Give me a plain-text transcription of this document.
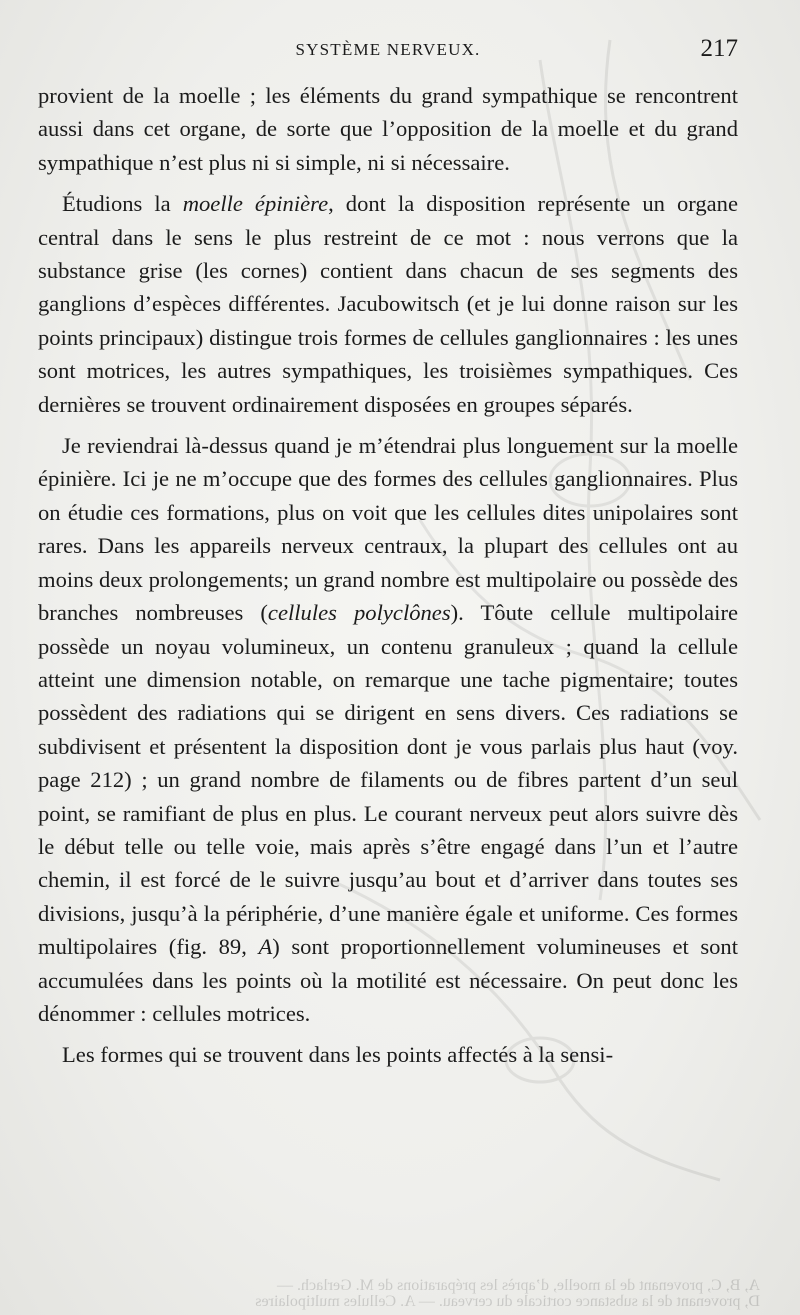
SYSTÈME NERVEUX.	217

provient de la moelle ; les éléments du grand sympathique se rencontrent aussi dans cet organe, de sorte que l’opposition de la moelle et du grand sympathique n’est plus ni si simple, ni si nécessaire.

Étudions la moelle épinière, dont la disposition représente un organe central dans le sens le plus restreint de ce mot : nous verrons que la substance grise (les cornes) contient dans chacun de ses segments des ganglions d’espèces différentes. Jacubowitsch (et je lui donne raison sur les points principaux) distingue trois formes de cellules ganglionnaires : les unes sont motrices, les autres sympathiques, les troisièmes sympathiques. Ces dernières se trouvent ordinairement disposées en groupes séparés.

Je reviendrai là-dessus quand je m’étendrai plus longuement sur la moelle épinière. Ici je ne m’occupe que des formes des cellules ganglionnaires. Plus on étudie ces formations, plus on voit que les cellules dites unipolaires sont rares. Dans les appareils nerveux centraux, la plupart des cellules ont au moins deux prolongements; un grand nombre est multipolaire ou possède des branches nombreuses (cellules polyclônes). Tôute cellule multipolaire possède un noyau volumineux, un contenu granuleux ; quand la cellule atteint une dimension notable, on remarque une tache pigmentaire; toutes possèdent des radiations qui se dirigent en sens divers. Ces radiations se subdivisent et présentent la disposition dont je vous parlais plus haut (voy. page 212) ; un grand nombre de filaments ou de fibres partent d’un seul point, se ramifiant de plus en plus. Le courant nerveux peut alors suivre dès le début telle ou telle voie, mais après s’être engagé dans l’un et l’autre chemin, il est forcé de le suivre jusqu’au bout et d’arriver dans toutes ses divisions, jusqu’à la périphérie, d’une manière égale et uniforme. Ces formes multipolaires (fig. 89, A) sont proportionnellement volumineuses et sont accumulées dans les points où la motilité est nécessaire. On peut donc les dénommer : cellules motrices.

Les formes qui se trouvent dans les points affectés à la sensi-

A, B, C, provenant de la moelle, d’après les préparations de M. Gerlach. —
D, provenant de la substance corticale du cerveau. — A. Cellules multipolaires
